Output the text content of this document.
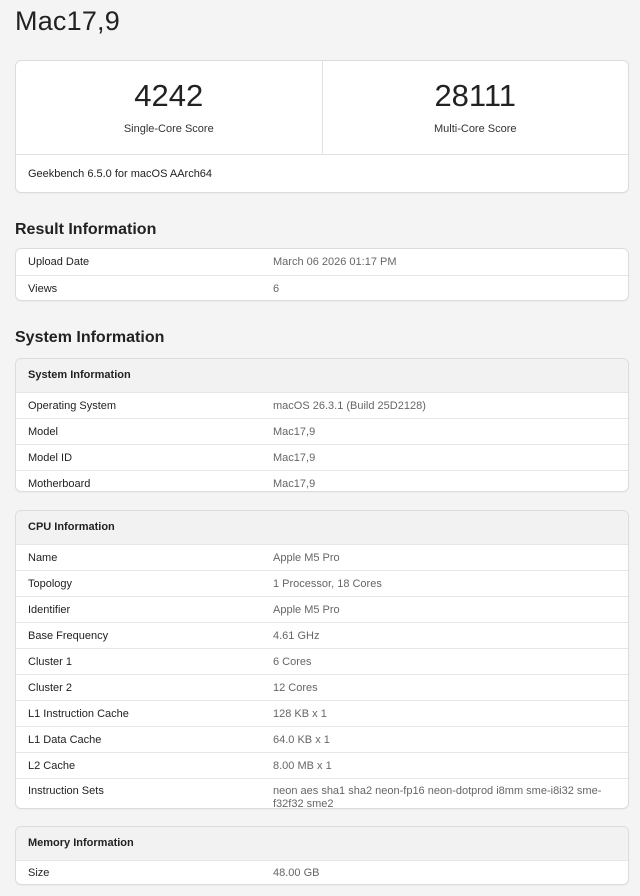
Mac17,9
4242
Single-Core Score
28111
Multi-Core Score
Geekbench 6.5.0 for macOS AArch64
Result Information
Upload Date	March 06 2026 01:17 PM
Views	6
System Information
System Information
Operating System	macOS 26.3.1 (Build 25D2128)
Model	Mac17,9
Model ID	Mac17,9
Motherboard	Mac17,9
CPU Information
Name	Apple M5 Pro
Topology	1 Processor, 18 Cores
Identifier	Apple M5 Pro
Base Frequency	4.61 GHz
Cluster 1	6 Cores
Cluster 2	12 Cores
L1 Instruction Cache	128 KB x 1
L1 Data Cache	64.0 KB x 1
L2 Cache	8.00 MB x 1
Instruction Sets	neon aes sha1 sha2 neon-fp16 neon-dotprod i8mm sme-i8i32 sme-f32f32 sme2
Memory Information
Size	48.00 GB
